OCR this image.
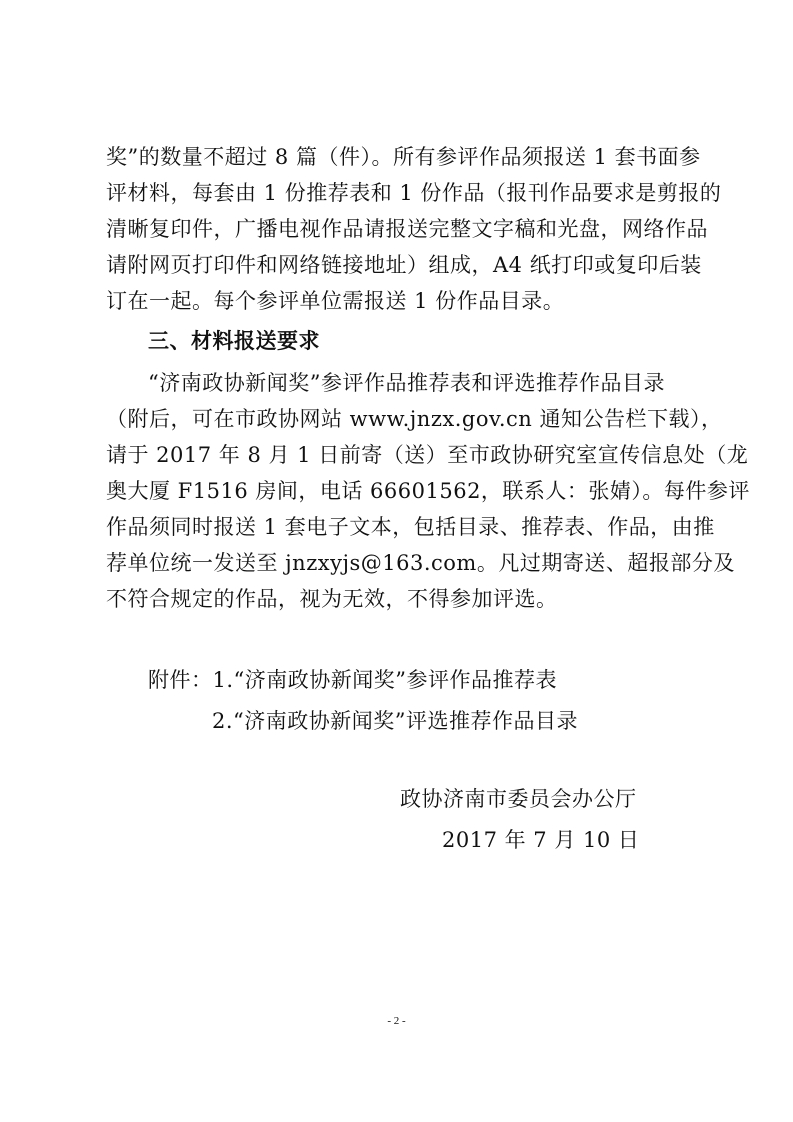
奖”的数量不超过 8 篇（件）。所有参评作品须报送 1 套书面参
评材料，每套由 1 份推荐表和 1 份作品（报刊作品要求是剪报的
清晰复印件，广播电视作品请报送完整文字稿和光盘，网络作品
请附网页打印件和网络链接地址）组成，A4 纸打印或复印后装
订在一起。每个参评单位需报送 1 份作品目录。
三、材料报送要求
“济南政协新闻奖”参评作品推荐表和评选推荐作品目录
（附后，可在市政协网站 www.jnzx.gov.cn 通知公告栏下载），
请于 2017 年 8 月 1 日前寄（送）至市政协研究室宣传信息处（龙
奥大厦 F1516 房间，电话 66601562，联系人：张婧）。每件参评
作品须同时报送 1 套电子文本，包括目录、推荐表、作品，由推
荐单位统一发送至 jnzxyjs@163.com。凡过期寄送、超报部分及
不符合规定的作品，视为无效，不得参加评选。
附件：1.“济南政协新闻奖”参评作品推荐表
2.“济南政协新闻奖”评选推荐作品目录
政协济南市委员会办公厅
2017 年 7 月 10 日
- 2 -
